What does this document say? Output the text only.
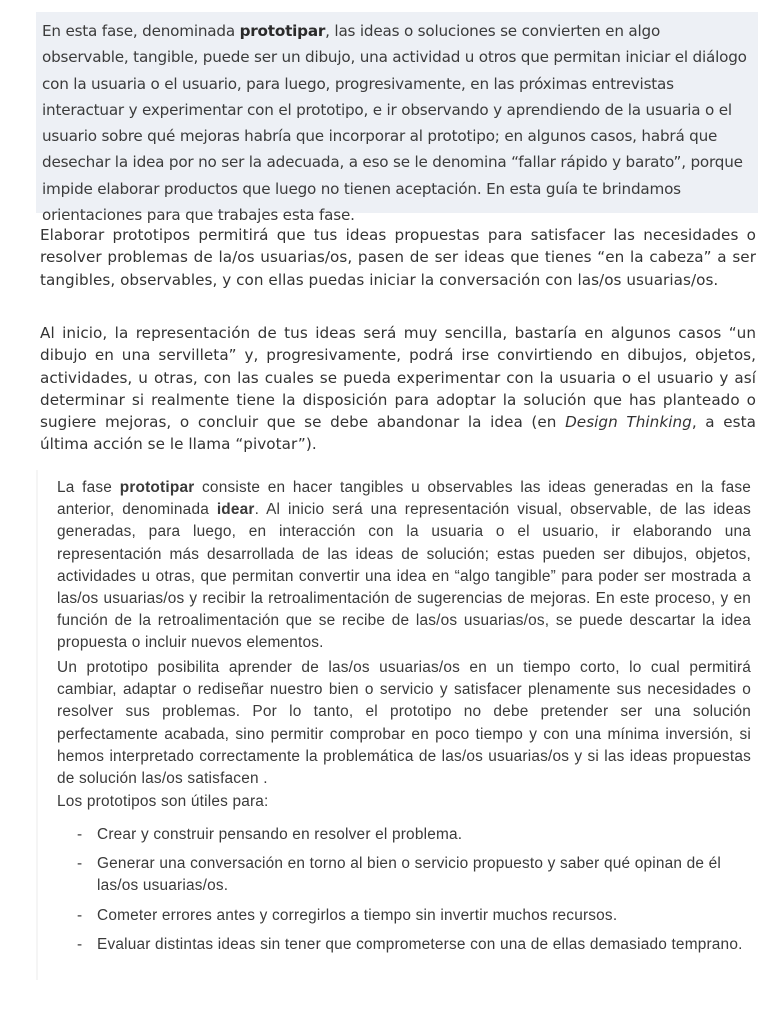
En esta fase, denominada prototipar, las ideas o soluciones se convierten en algo observable, tangible, puede ser un dibujo, una actividad u otros que permitan iniciar el diálogo con la usuaria o el usuario, para luego, progresivamente, en las próximas entrevistas interactuar y experimentar con el prototipo, e ir observando y aprendiendo de la usuaria o el usuario sobre qué mejoras habría que incorporar al prototipo; en algunos casos, habrá que desechar la idea por no ser la adecuada, a eso se le denomina “fallar rápido y barato”, porque impide elaborar productos que luego no tienen aceptación. En esta guía te brindamos orientaciones para que trabajes esta fase.

Elaborar prototipos permitirá que tus ideas propuestas para satisfacer las necesidades o resolver problemas de la/os usuarias/os, pasen de ser ideas que tienes “en la cabeza” a ser tangibles, observables, y con ellas puedas iniciar la conversación con las/os usuarias/os.

Al inicio, la representación de tus ideas será muy sencilla, bastaría en algunos casos “un dibujo en una servilleta” y, progresivamente, podrá irse convirtiendo en dibujos, objetos, actividades, u otras, con las cuales se pueda experimentar con la usuaria o el usuario y así determinar si realmente tiene la disposición para adoptar la solución que has planteado o sugiere mejoras, o concluir que se debe abandonar la idea (en Design Thinking, a esta última acción se le llama “pivotar”).

La fase prototipar consiste en hacer tangibles u observables las ideas generadas en la fase anterior, denominada idear. Al inicio será una representación visual, observable, de las ideas generadas, para luego, en interacción con la usuaria o el usuario, ir elaborando una representación más desarrollada de las ideas de solución; estas pueden ser dibujos, objetos, actividades u otras, que permitan convertir una idea en “algo tangible” para poder ser mostrada a las/os usuarias/os y recibir la retroalimentación de sugerencias de mejoras. En este proceso, y en función de la retroalimentación que se recibe de las/os usuarias/os, se puede descartar la idea propuesta o incluir nuevos elementos.

Un prototipo posibilita aprender de las/os usuarias/os en un tiempo corto, lo cual permitirá cambiar, adaptar o rediseñar nuestro bien o servicio y satisfacer plenamente sus necesidades o resolver sus problemas. Por lo tanto, el prototipo no debe pretender ser una solución perfectamente acabada, sino permitir comprobar en poco tiempo y con una mínima inversión, si hemos interpretado correctamente la problemática de las/os usuarias/os y si las ideas propuestas de solución las/os satisfacen .

Los prototipos son útiles para:
- Crear y construir pensando en resolver el problema.
- Generar una conversación en torno al bien o servicio propuesto y saber qué opinan de él las/os usuarias/os.
- Cometer errores antes y corregirlos a tiempo sin invertir muchos recursos.
- Evaluar distintas ideas sin tener que comprometerse con una de ellas demasiado temprano.
